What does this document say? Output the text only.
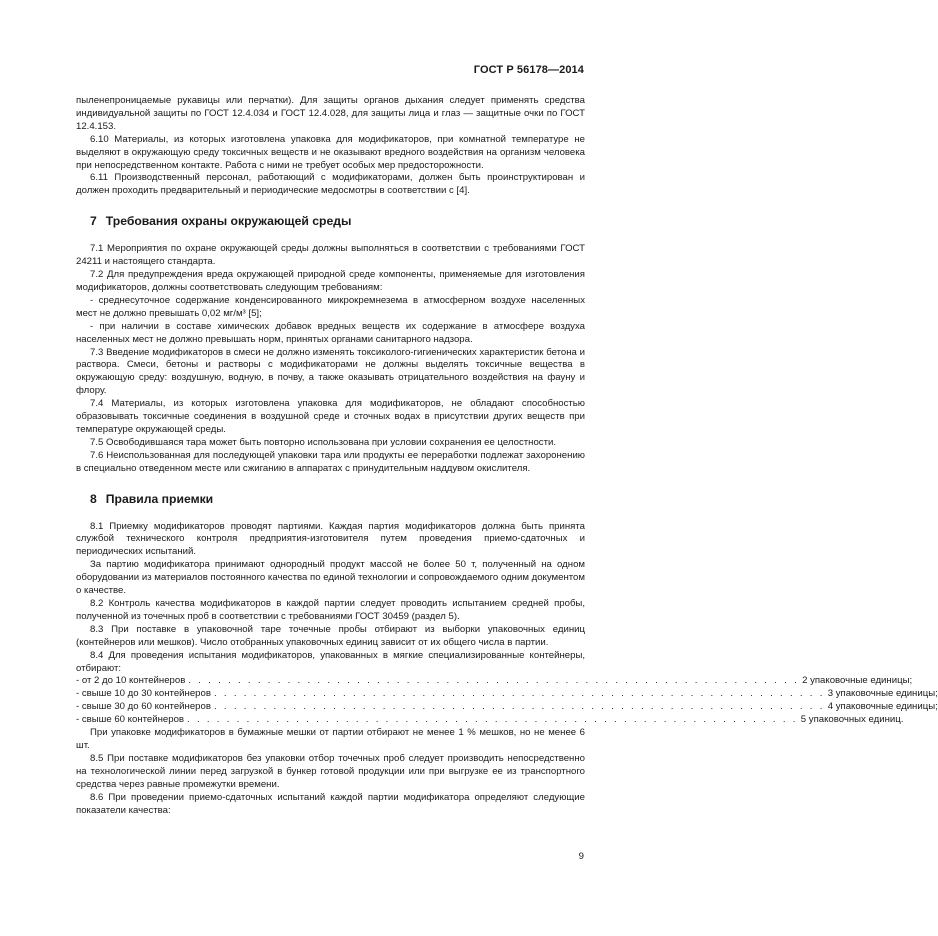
ГОСТ Р 56178—2014

пыленепроницаемые рукавицы или перчатки). Для защиты органов дыхания следует применять средства индивидуальной защиты по ГОСТ 12.4.034 и ГОСТ 12.4.028, для защиты лица и глаз — защитные очки по ГОСТ 12.4.153.

6.10 Материалы, из которых изготовлена упаковка для модификаторов, при комнатной температуре не выделяют в окружающую среду токсичных веществ и не оказывают вредного воздействия на организм человека при непосредственном контакте. Работа с ними не требует особых мер предосторожности.

6.11 Производственный персонал, работающий с модификаторами, должен быть проинструктирован и должен проходить предварительный и периодические медосмотры в соответствии с [4].

7 Требования охраны окружающей среды

7.1 Мероприятия по охране окружающей среды должны выполняться в соответствии с требованиями ГОСТ 24211 и настоящего стандарта.

7.2 Для предупреждения вреда окружающей природной среде компоненты, применяемые для изготовления модификаторов, должны соответствовать следующим требованиям:

- среднесуточное содержание конденсированного микрокремнезема в атмосферном воздухе населенных мест не должно превышать 0,02 мг/м³ [5];

- при наличии в составе химических добавок вредных веществ их содержание в атмосфере воздуха населенных мест не должно превышать норм, принятых органами санитарного надзора.

7.3 Введение модификаторов в смеси не должно изменять токсиколого-гигиенических характеристик бетона и раствора. Смеси, бетоны и растворы с модификаторами не должны выделять токсичные вещества в окружающую среду: воздушную, водную, в почву, а также оказывать отрицательного воздействия на фауну и флору.

7.4 Материалы, из которых изготовлена упаковка для модификаторов, не обладают способностью образовывать токсичные соединения в воздушной среде и сточных водах в присутствии других веществ при температуре окружающей среды.

7.5 Освободившаяся тара может быть повторно использована при условии сохранения ее целостности.

7.6 Неиспользованная для последующей упаковки тара или продукты ее переработки подлежат захоронению в специально отведенном месте или сжиганию в аппаратах с принудительным наддувом окислителя.

8 Правила приемки

8.1 Приемку модификаторов проводят партиями. Каждая партия модификаторов должна быть принята службой технического контроля предприятия-изготовителя путем проведения приемо-сдаточных и периодических испытаний.

За партию модификатора принимают однородный продукт массой не более 50 т, полученный на одном оборудовании из материалов постоянного качества по единой технологии и сопровождаемого одним документом о качестве.

8.2 Контроль качества модификаторов в каждой партии следует проводить испытанием средней пробы, полученной из точечных проб в соответствии с требованиями ГОСТ 30459 (раздел 5).

8.3 При поставке в упаковочной таре точечные пробы отбирают из выборки упаковочных единиц (контейнеров или мешков). Число отобранных упаковочных единиц зависит от их общего числа в партии.

8.4 Для проведения испытания модификаторов, упакованных в мягкие специализированные контейнеры, отбирают:

- от 2 до 10 контейнеров . . . . . . . . . . . . . . . . . . . . . . . . . . . . . . . . . . . . . . . . . . . . . . . . . . . . . . . . . . . . . . 2 упаковочные единицы;
- свыше 10 до 30 контейнеров . . . . . . . . . . . . . . . . . . . . . . . . . . . . . . . . . . . . . . . . . . . . . . . . . . . . . . . . . . . . . . 3 упаковочные единицы;
- свыше 30 до 60 контейнеров . . . . . . . . . . . . . . . . . . . . . . . . . . . . . . . . . . . . . . . . . . . . . . . . . . . . . . . . . . . . . . 4 упаковочные единицы;
- свыше 60 контейнеров . . . . . . . . . . . . . . . . . . . . . . . . . . . . . . . . . . . . . . . . . . . . . . . . . . . . . . . . . . . . . . 5 упаковочных единиц.

При упаковке модификаторов в бумажные мешки от партии отбирают не менее 1 % мешков, но не менее 6 шт.

8.5 При поставке модификаторов без упаковки отбор точечных проб следует производить непосредственно на технологической линии перед загрузкой в бункер готовой продукции или при выгрузке ее из транспортного средства через равные промежутки времени.

8.6 При проведении приемо-сдаточных испытаний каждой партии модификатора определяют следующие показатели качества:

9
